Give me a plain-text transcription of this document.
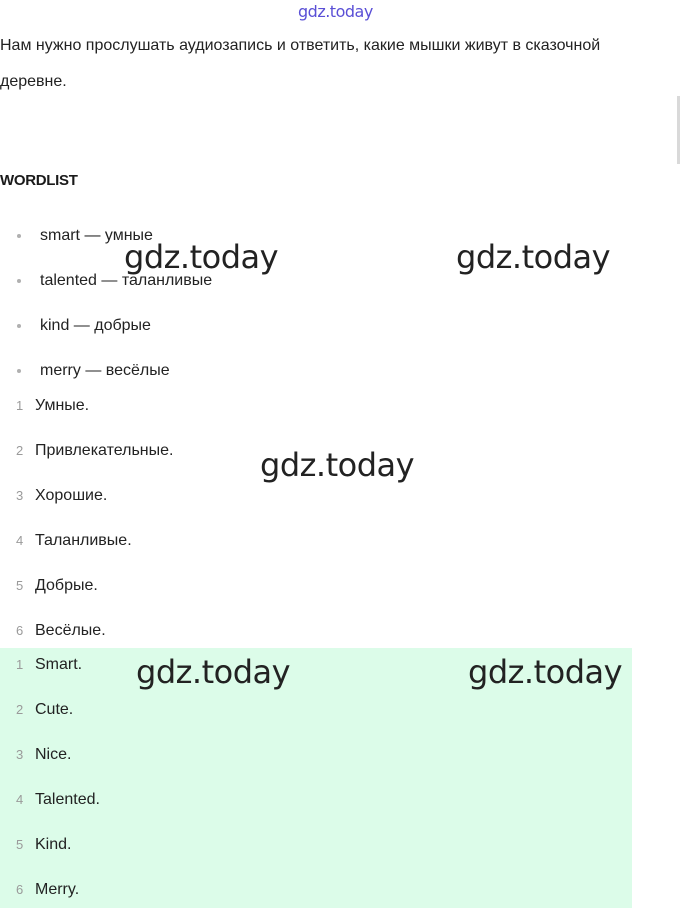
gdz.today
Нам нужно прослушать аудиозапись и ответить, какие мышки живут в сказочной деревне.
WORDLIST
smart — умные
talented — таланливые
kind — добрые
merry — весёлые
1 Умные.
2 Привлекательные.
3 Хорошие.
4 Таланливые.
5 Добрые.
6 Весёлые.
1 Smart.
2 Cute.
3 Nice.
4 Talented.
5 Kind.
6 Merry.
gdz.today	gdz.today
gdz.today
gdz.today	gdz.today
